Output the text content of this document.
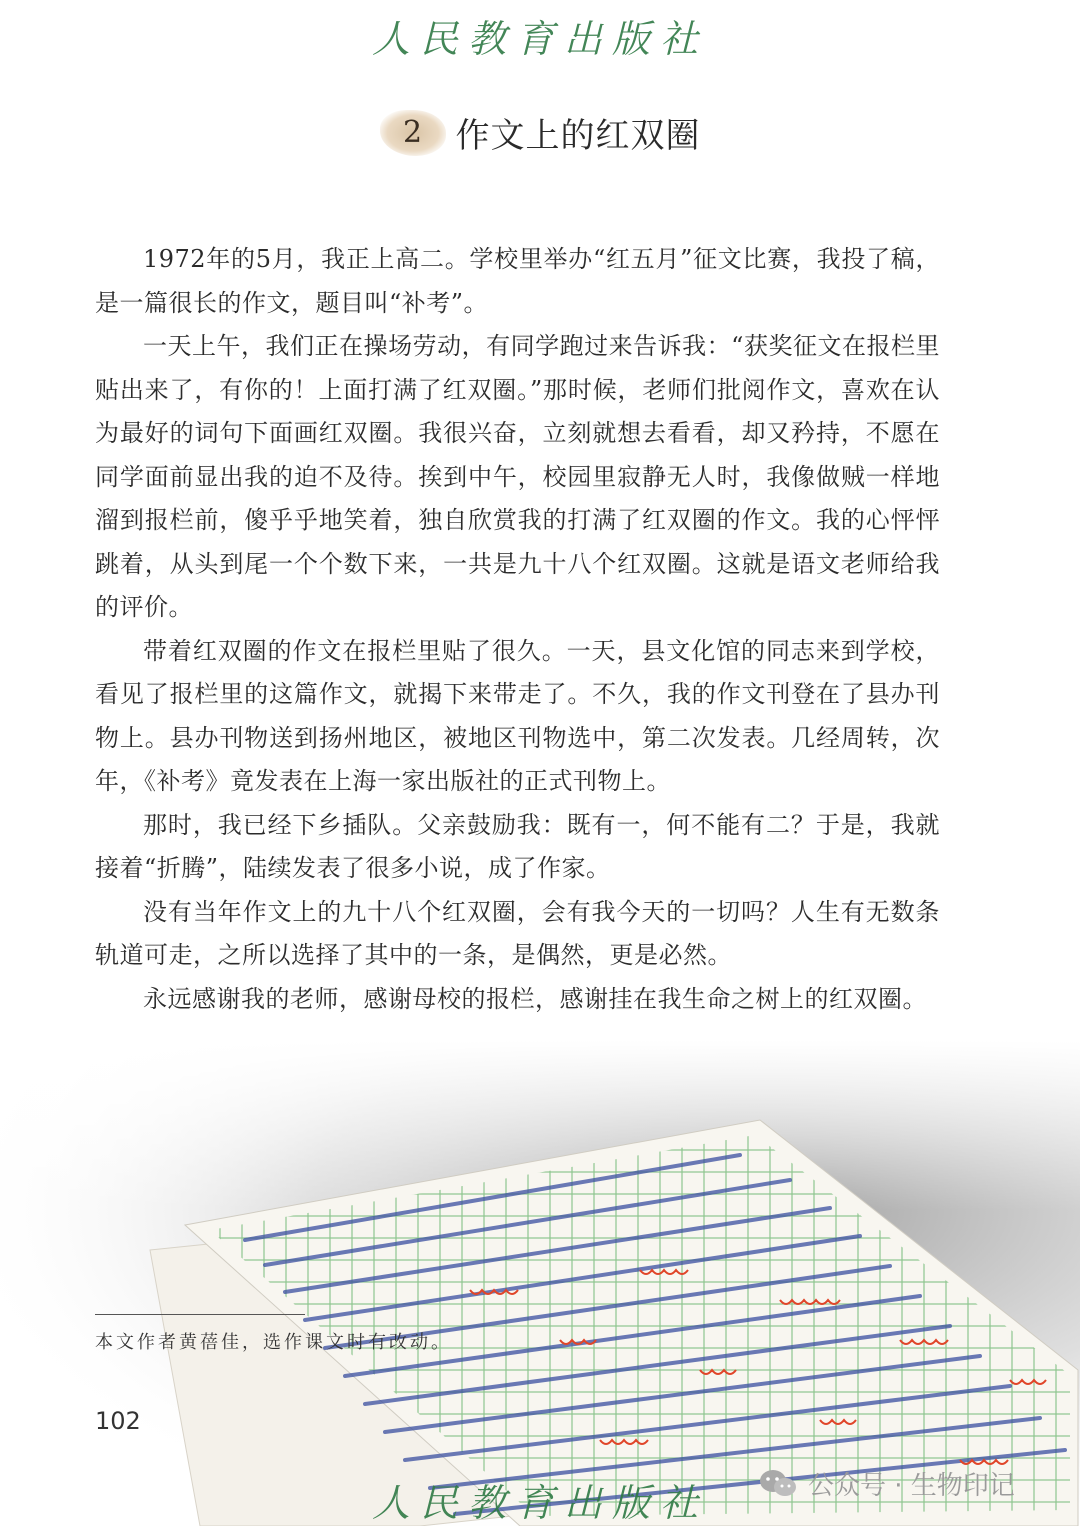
人民教育出版社
2 作文上的红双圈

1972年的5月，我正上高二。学校里举办“红五月”征文比赛，我投了稿，是一篇很长的作文，题目叫“补考”。

一天上午，我们正在操场劳动，有同学跑过来告诉我：“获奖征文在报栏里贴出来了，有你的！上面打满了红双圈。”那时候，老师们批阅作文，喜欢在认为最好的词句下面画红双圈。我很兴奋，立刻就想去看看，却又矜持，不愿在同学面前显出我的迫不及待。挨到中午，校园里寂静无人时，我像做贼一样地溜到报栏前，傻乎乎地笑着，独自欣赏我的打满了红双圈的作文。我的心怦怦跳着，从头到尾一个个数下来，一共是九十八个红双圈。这就是语文老师给我的评价。

带着红双圈的作文在报栏里贴了很久。一天，县文化馆的同志来到学校，看见了报栏里的这篇作文，就揭下来带走了。不久，我的作文刊登在了县办刊物上。县办刊物送到扬州地区，被地区刊物选中，第二次发表。几经周转，次年，《补考》竟发表在上海一家出版社的正式刊物上。

那时，我已经下乡插队。父亲鼓励我：既有一，何不能有二？于是，我就接着“折腾”，陆续发表了很多小说，成了作家。

没有当年作文上的九十八个红双圈，会有我今天的一切吗？人生有无数条轨道可走，之所以选择了其中的一条，是偶然，更是必然。

永远感谢我的老师，感谢母校的报栏，感谢挂在我生命之树上的红双圈。

本文作者黄蓓佳，选作课文时有改动。
102
人民教育出版社	公众号 · 生物印记
